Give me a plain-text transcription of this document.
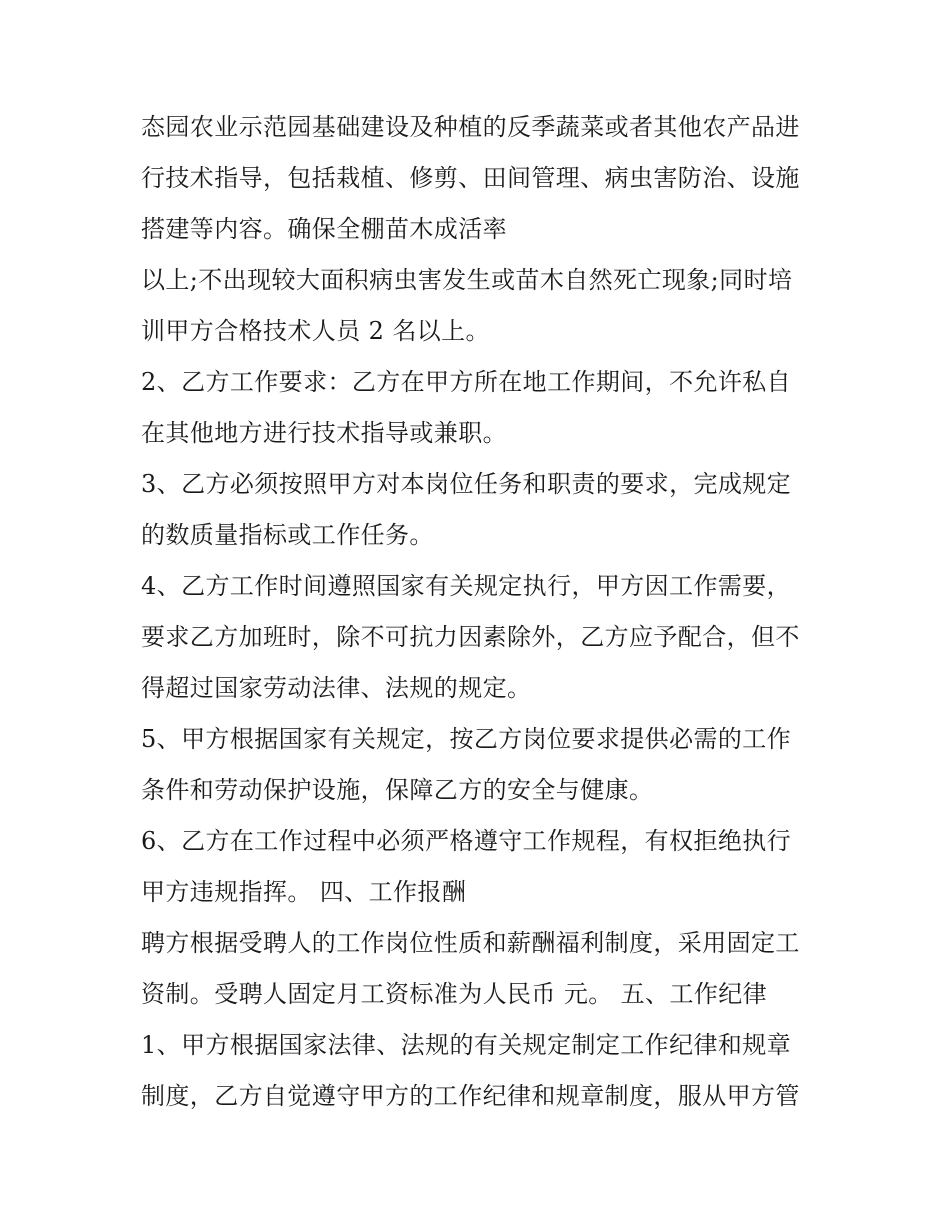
态园农业示范园基础建设及种植的反季蔬菜或者其他农产品进
行技术指导，包括栽植、修剪、田间管理、病虫害防治、设施
搭建等内容。确保全棚苗木成活率
以上;不出现较大面积病虫害发生或苗木自然死亡现象;同时培
训甲方合格技术人员 2 名以上。
2、乙方工作要求：乙方在甲方所在地工作期间，不允许私自
在其他地方进行技术指导或兼职。
3、乙方必须按照甲方对本岗位任务和职责的要求，完成规定
的数质量指标或工作任务。
4、乙方工作时间遵照国家有关规定执行，甲方因工作需要，
要求乙方加班时，除不可抗力因素除外，乙方应予配合，但不
得超过国家劳动法律、法规的规定。
5、甲方根据国家有关规定，按乙方岗位要求提供必需的工作
条件和劳动保护设施，保障乙方的安全与健康。
6、乙方在工作过程中必须严格遵守工作规程，有权拒绝执行
甲方违规指挥。 四、工作报酬
聘方根据受聘人的工作岗位性质和薪酬福利制度，采用固定工
资制。受聘人固定月工资标准为人民币 元。 五、工作纪律
1、甲方根据国家法律、法规的有关规定制定工作纪律和规章
制度，乙方自觉遵守甲方的工作纪律和规章制度，服从甲方管
